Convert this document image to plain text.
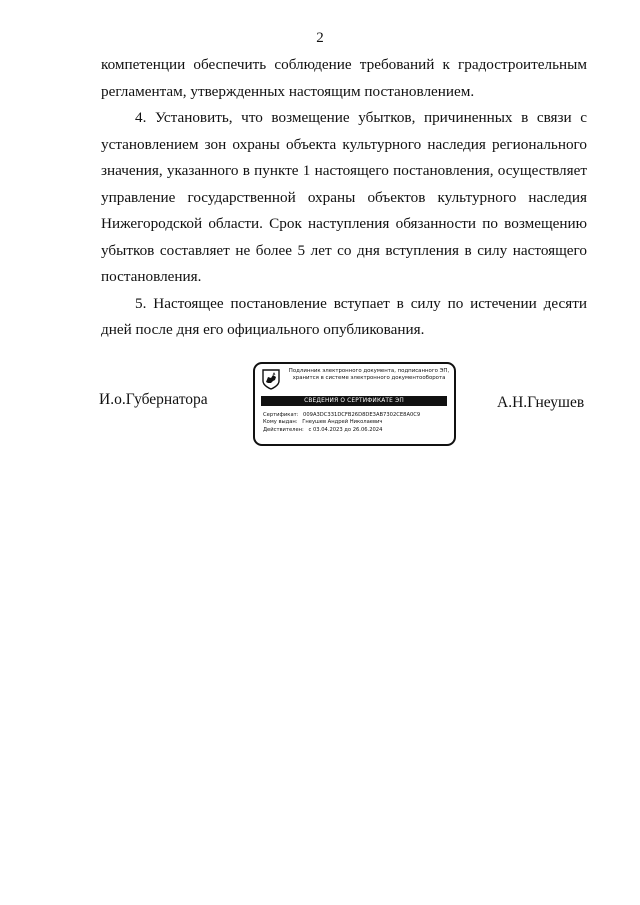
2

компетенции обеспечить соблюдение требований к градостроительным регламентам, утвержденных настоящим постановлением.

4. Установить, что возмещение убытков, причиненных в связи с установлением зон охраны объекта культурного наследия регионального значения, указанного в пункте 1 настоящего постановления, осуществляет управление государственной охраны объектов культурного наследия Нижегородской области. Срок наступления обязанности по возмещению убытков составляет не более 5 лет со дня вступления в силу настоящего постановления.

5. Настоящее постановление вступает в силу по истечении десяти дней после дня его официального опубликования.

И.о.Губернатора
Подлинник электронного документа, подписанного ЭП,
хранится в системе электронного документооборота
СВЕДЕНИЯ О СЕРТИФИКАТЕ ЭП
Сертификат: 009A3DC331DCFB26D8DE3AB7302CE8A0C9
Кому выдан: Гнеушев Андрей Николаевич
Действителен: с 03.04.2023 до 26.06.2024
А.Н.Гнеушев
